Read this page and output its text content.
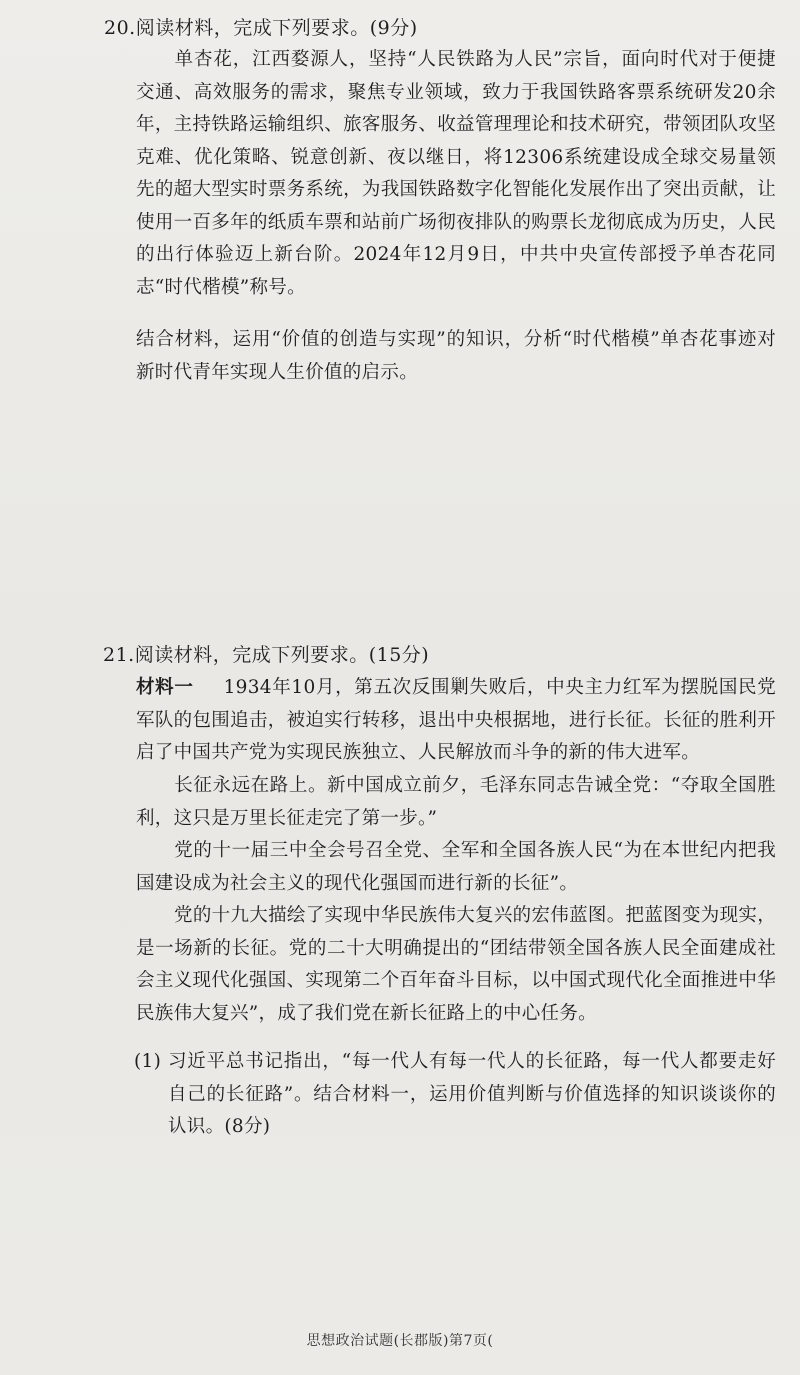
20.阅读材料，完成下列要求。(9分)

单杏花，江西婺源人，坚持“人民铁路为人民”宗旨，面向时代对于便捷交通、高效服务的需求，聚焦专业领域，致力于我国铁路客票系统研发20余年，主持铁路运输组织、旅客服务、收益管理理论和技术研究，带领团队攻坚克难、优化策略、锐意创新、夜以继日，将12306系统建设成全球交易量领先的超大型实时票务系统，为我国铁路数字化智能化发展作出了突出贡献，让使用一百多年的纸质车票和站前广场彻夜排队的购票长龙彻底成为历史，人民的出行体验迈上新台阶。2024年12月9日，中共中央宣传部授予单杏花同志“时代楷模”称号。

结合材料，运用“价值的创造与实现”的知识，分析“时代楷模”单杏花事迹对新时代青年实现人生价值的启示。

21.阅读材料，完成下列要求。(15分)

材料一 1934年10月，第五次反围剿失败后，中央主力红军为摆脱国民党军队的包围追击，被迫实行转移，退出中央根据地，进行长征。长征的胜利开启了中国共产党为实现民族独立、人民解放而斗争的新的伟大进军。

长征永远在路上。新中国成立前夕，毛泽东同志告诫全党：“夺取全国胜利，这只是万里长征走完了第一步。”

党的十一届三中全会号召全党、全军和全国各族人民“为在本世纪内把我国建设成为社会主义的现代化强国而进行新的长征”。

党的十九大描绘了实现中华民族伟大复兴的宏伟蓝图。把蓝图变为现实，是一场新的长征。党的二十大明确提出的“团结带领全国各族人民全面建成社会主义现代化强国、实现第二个百年奋斗目标，以中国式现代化全面推进中华民族伟大复兴”，成了我们党在新长征路上的中心任务。

(1) 习近平总书记指出，“每一代人有每一代人的长征路，每一代人都要走好自己的长征路”。结合材料一，运用价值判断与价值选择的知识谈谈你的认识。(8分)

思想政治试题(长郡版)第7页(
